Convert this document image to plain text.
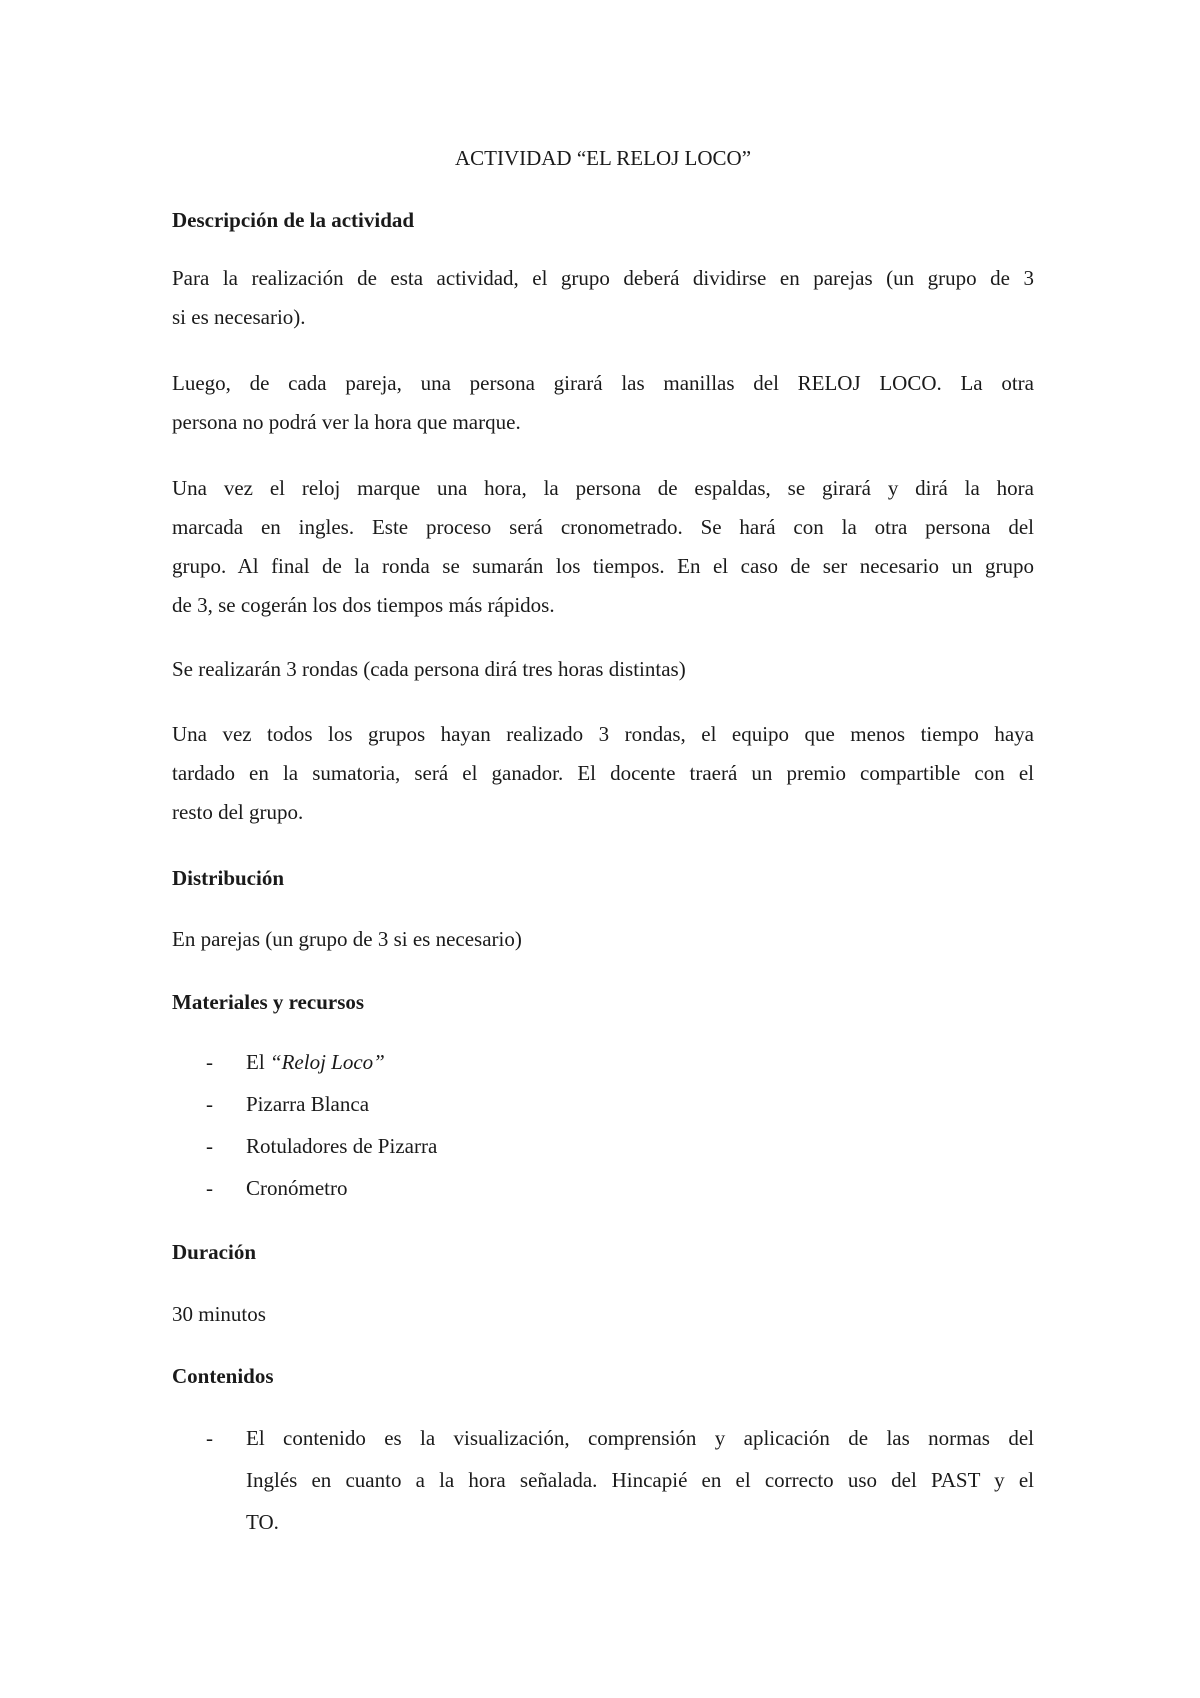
ACTIVIDAD “EL RELOJ LOCO”
Descripción de la actividad
Para la realización de esta actividad, el grupo deberá dividirse en parejas (un grupo de 3
si es necesario).
Luego, de cada pareja, una persona girará las manillas del RELOJ LOCO. La otra
persona no podrá ver la hora que marque.
Una vez el reloj marque una hora, la persona de espaldas, se girará y dirá la hora
marcada en ingles. Este proceso será cronometrado. Se hará con la otra persona del
grupo. Al final de la ronda se sumarán los tiempos. En el caso de ser necesario un grupo
de 3, se cogerán los dos tiempos más rápidos.
Se realizarán 3 rondas (cada persona dirá tres horas distintas)
Una vez todos los grupos hayan realizado 3 rondas, el equipo que menos tiempo haya
tardado en la sumatoria, será el ganador. El docente traerá un premio compartible con el
resto del grupo.
Distribución
En parejas (un grupo de 3 si es necesario)
Materiales y recursos
- El “Reloj Loco”
- Pizarra Blanca
- Rotuladores de Pizarra
- Cronómetro
Duración
30 minutos
Contenidos
- El contenido es la visualización, comprensión y aplicación de las normas del
Inglés en cuanto a la hora señalada. Hincapié en el correcto uso del PAST y el
TO.
